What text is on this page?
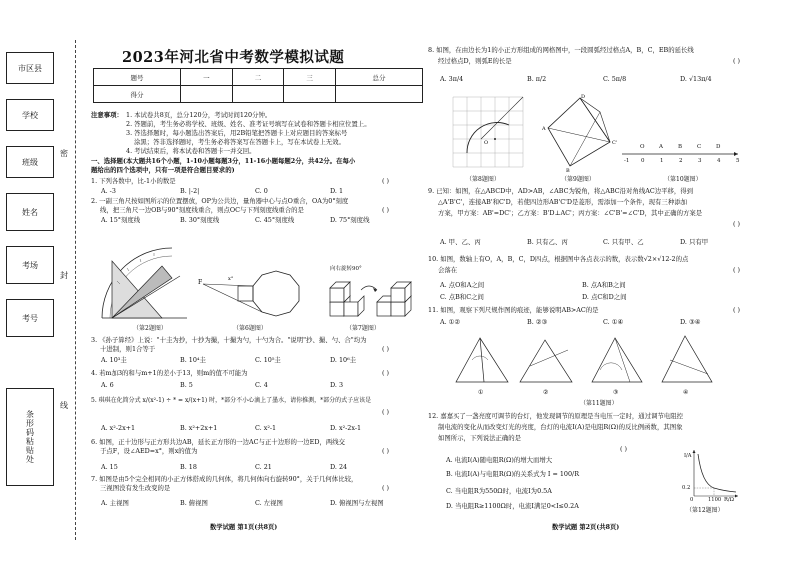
市区县
学校
班级
姓名
考场
考号
条形码粘贴处
密
封
线
2023年河北省中考数学模拟试题
题号	一	二	三	总分
得分				
注意事项： 1. 本试卷共8页，总分120分，考试时间120分钟。
2. 答题前，考生务必将学校、班级、姓名、准考证号填写在试卷和答题卡相应位置上。
3. 答选择题时，每小题选出答案后，用2B铅笔把答题卡上对应题目的答案标号
涂黑；答非选择题时，考生务必将答案写在答题卡上，写在本试卷上无效。
4. 考试结束后，将本试卷和答题卡一并交回。
一、选择题(本大题共16个小题，1-10小题每题3分，11-16小题每题2分，共42分。在每小
题给出的四个选项中，只有一项是符合题目要求的)
1. 下列各数中，比-1小的数是	( )
A. -3	B. |-2|	C. 0	D. 1
2. 一副三角尺按如图所示的位置摆放，OP为公共边，量角器中心与点O重合，OA为0°刻度
线，把三角尺一边OB与90°刻度线重合，则点OC与下列刻度线重合的是	( )
A. 15°刻度线	B. 30°刻度线	C. 45°刻度线	D. 75°刻度线
F	x°
向右旋转90°
（第2题图）	（第6题图）	（第7题图）
3. 《孙子算经》上说："十圭为抄，十抄为撮，十撮为勺，十勺为合。"说明"抄、撮、勺、合"均为
十进制，则1合等于	( )
A. 10³圭	B. 10⁴圭	C. 10⁵圭	D. 10⁶圭
4. 若m加3的和与m+1的差小于13，则m的值不可能为	( )
A. 6	B. 5	C. 4	D. 3
5. 琪琪在化简分式 x/(x²-1) ÷ * = x/(x+1) 时，*部分不小心滴上了墨水，请你推测，*部分的式子应该是
( )
A. x²-2x+1	B. x²+2x+1	C. x²-1	D. x²-2x-1
6. 如图，正十边形与正方形共边AB，延长正方形的一边AC与正十边形的一边ED，两线交
于点F，设∠AED=x°，则x的值为	( )
A. 15	B. 18	C. 21	D. 24
7. 如图是由5个完全相同的小正方体搭成的几何体，将几何体向右旋转90°，关于几何体比较，
三视图没有发生改变的是	( )
A. 主视图	B. 俯视图	C. 左视图	D. 俯视图与左视图
数学试题 第1页(共8页)
8. 如图，在由边长为1的小正方形组成的网格图中，一段圆弧经过格点A，B，C，EB的延长线
经过格点D，则弧E的长是	( )
A. 3π/4	B. π/2	C. 5π/8	D. √13π/4
O
D
A
C'
B
O	A	B	C	D
-1 0	1	2	3	4	5
（第8题图）	（第9题图）	（第10题图）
9. 已知：如图，在△ABCD中，AD>AB，∠ABC为锐角，将△ABC沿对角线AC边平移，得到
△A'B'C'，连接AB'和C'D，若使四边形AB'C'D是菱形，需添加一个条件，现有三种添加
方案，甲方案：AB'=DC'；乙方案：B'D⊥AC'；丙方案：∠C'B'=∠C'D，其中正确的方案是
( )
A. 甲、乙、丙	B. 只有乙、丙	C. 只有甲、乙	D. 只有甲
10. 如图，数轴上有O，A，B，C，D四点，根据图中各点表示的数，表示数√2×√12-2的点
会落在	( )
A. 点O和A之间	B. 点A和B之间
C. 点B和C之间	D. 点C和D之间
11. 如图，观察下列尺规作图的痕迹，能够说明AB>AC的是	( )
A. ①②	B. ②③	C. ①④	D. ③④
①	②	③	④
（第11题图）
12. 嘉嘉买了一盏亮度可调节的台灯，他发现调节的原理是当电压一定时，通过调节电阻控
制电流的变化从而改变灯光的亮度，台灯的电流I(A)是电阻R(Ω)的反比例函数，其图象
如图所示，下列说法正确的是
( )
A. 电流I(A)随电阻R(Ω)的增大而增大
B. 电流I(A)与电阻R(Ω)的关系式为 I = 100/R
C. 当电阻R为550Ω时，电流I为0.5A
D. 当电阻R≥1100Ω时，电流I满足0<I≤0.2A
I/A
0.2
0	1100 R/Ω
（第12题图）
数学试题 第2页(共8页)
